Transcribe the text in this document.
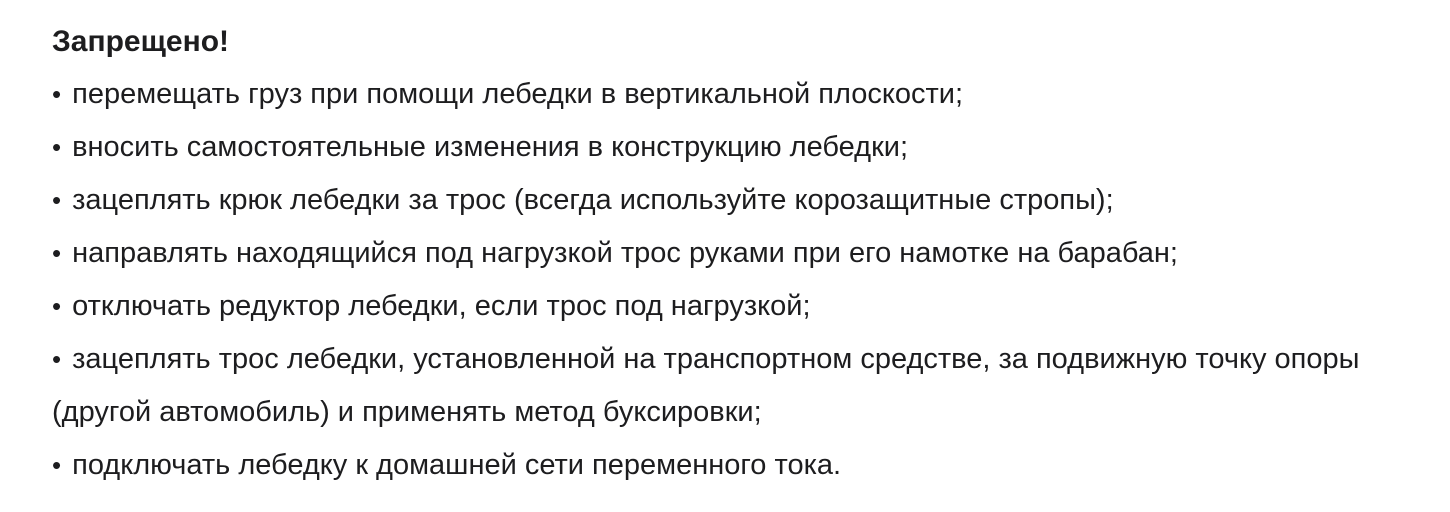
Запрещено!
• перемещать груз при помощи лебедки в вертикальной плоскости;
• вносить самостоятельные изменения в конструкцию лебедки;
• зацеплять крюк лебедки за трос (всегда используйте корозащитные стропы);
• направлять находящийся под нагрузкой трос руками при его намотке на барабан;
• отключать редуктор лебедки, если трос под нагрузкой;
• зацеплять трос лебедки, установленной на транспортном средстве, за подвижную точку опоры (другой автомобиль) и применять метод буксировки;
• подключать лебедку к домашней сети переменного тока.
